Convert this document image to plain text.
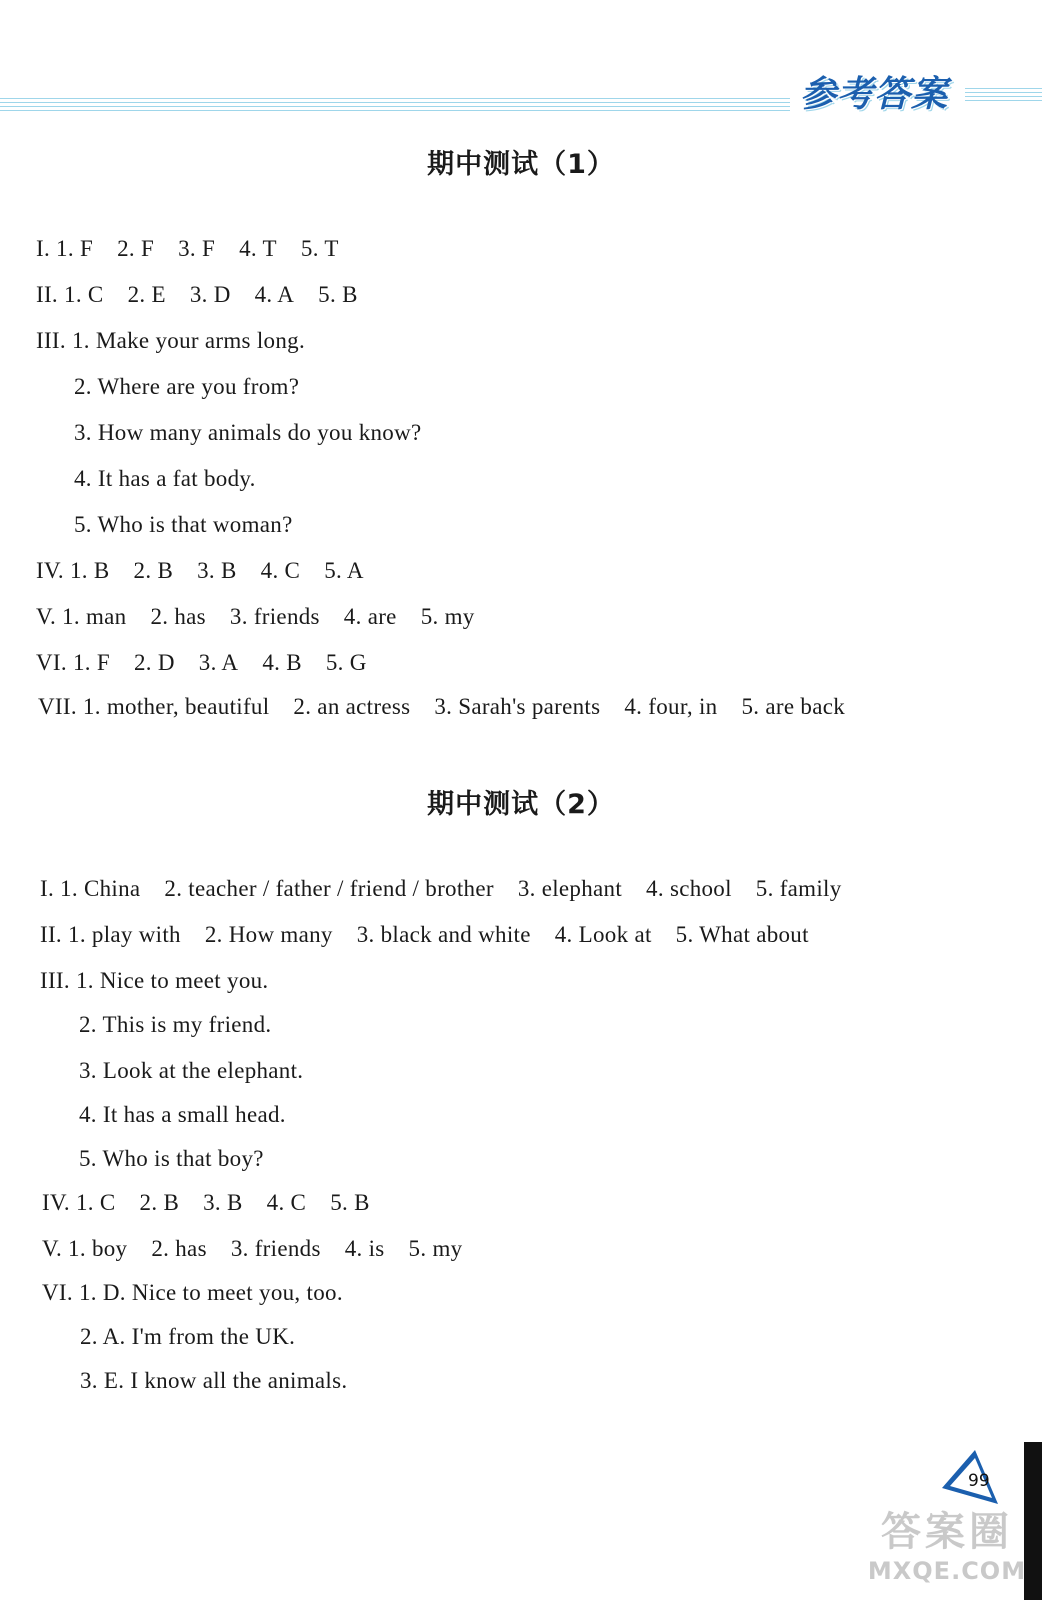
参考答案
期中测试（1）
I. 1. F 2. F 3. F 4. T 5. T
II. 1. C 2. E 3. D 4. A 5. B
III. 1. Make your arms long.
2. Where are you from?
3. How many animals do you know?
4. It has a fat body.
5. Who is that woman?
IV. 1. B 2. B 3. B 4. C 5. A
V. 1. man 2. has 3. friends 4. are 5. my
VI. 1. F 2. D 3. A 4. B 5. G
VII. 1. mother, beautiful 2. an actress 3. Sarah's parents 4. four, in 5. are back
期中测试（2）
I. 1. China 2. teacher / father / friend / brother 3. elephant 4. school 5. family
II. 1. play with 2. How many 3. black and white 4. Look at 5. What about
III. 1. Nice to meet you.
2. This is my friend.
3. Look at the elephant.
4. It has a small head.
5. Who is that boy?
IV. 1. C 2. B 3. B 4. C 5. B
V. 1. boy 2. has 3. friends 4. is 5. my
VI. 1. D. Nice to meet you, too.
2. A. I'm from the UK.
3. E. I know all the animals.
99
答案圈
MXQE.COM
